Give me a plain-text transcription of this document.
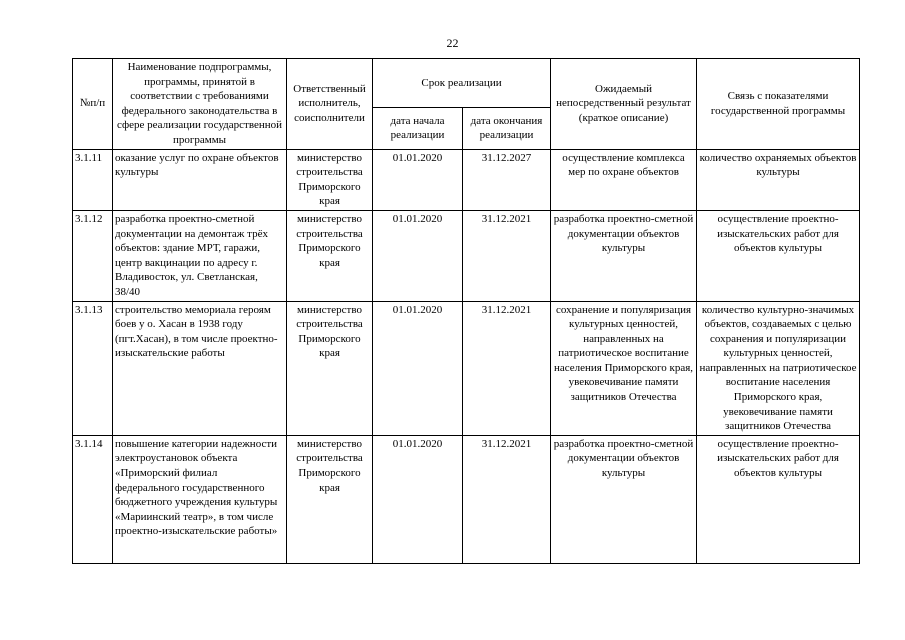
22
№п/п	Наименование подпрограммы, программы, принятой в соответствии с требованиями федерального законодательства в сфере реализации государственной программы	Ответственный исполнитель, соисполнители	Срок реализации		Ожидаемый непосредственный результат (краткое описание)	Связь с показателями государственной программы
			дата начала реализации	дата окончания реализации		
3.1.11	оказание услуг по охране объектов культуры	министерство строительства Приморского края	01.01.2020	31.12.2027	осуществление комплекса мер по охране объектов	количество охраняемых объектов культуры
3.1.12	разработка проектно-сметной документации на демонтаж трёх объектов: здание МРТ, гаражи, центр вакцинации по адресу г. Владивосток, ул. Светланская, 38/40	министерство строительства Приморского края	01.01.2020	31.12.2021	разработка проектно-сметной документации объектов культуры	осуществление проектно-изыскательских работ для объектов культуры
3.1.13	строительство мемориала героям боев у о. Хасан в 1938 году (пгт.Хасан), в том числе проектно-изыскательские работы	министерство строительства Приморского края	01.01.2020	31.12.2021	сохранение и популяризация культурных ценностей, направленных на патриотическое воспитание населения Приморского края, увековечивание памяти защитников Отечества	количество культурно-значимых объектов, создаваемых с целью сохранения и популяризации культурных ценностей, направленных на патриотическое воспитание населения Приморского края, увековечивание памяти защитников Отечества
3.1.14	повышение категории надежности электроустановок объекта «Приморский филиал федерального государственного бюджетного учреждения культуры «Мариинский театр», в том числе проектно-изыскательские работы»	министерство строительства Приморского края	01.01.2020	31.12.2021	разработка проектно-сметной документации объектов культуры	осуществление проектно-изыскательских работ для объектов культуры
